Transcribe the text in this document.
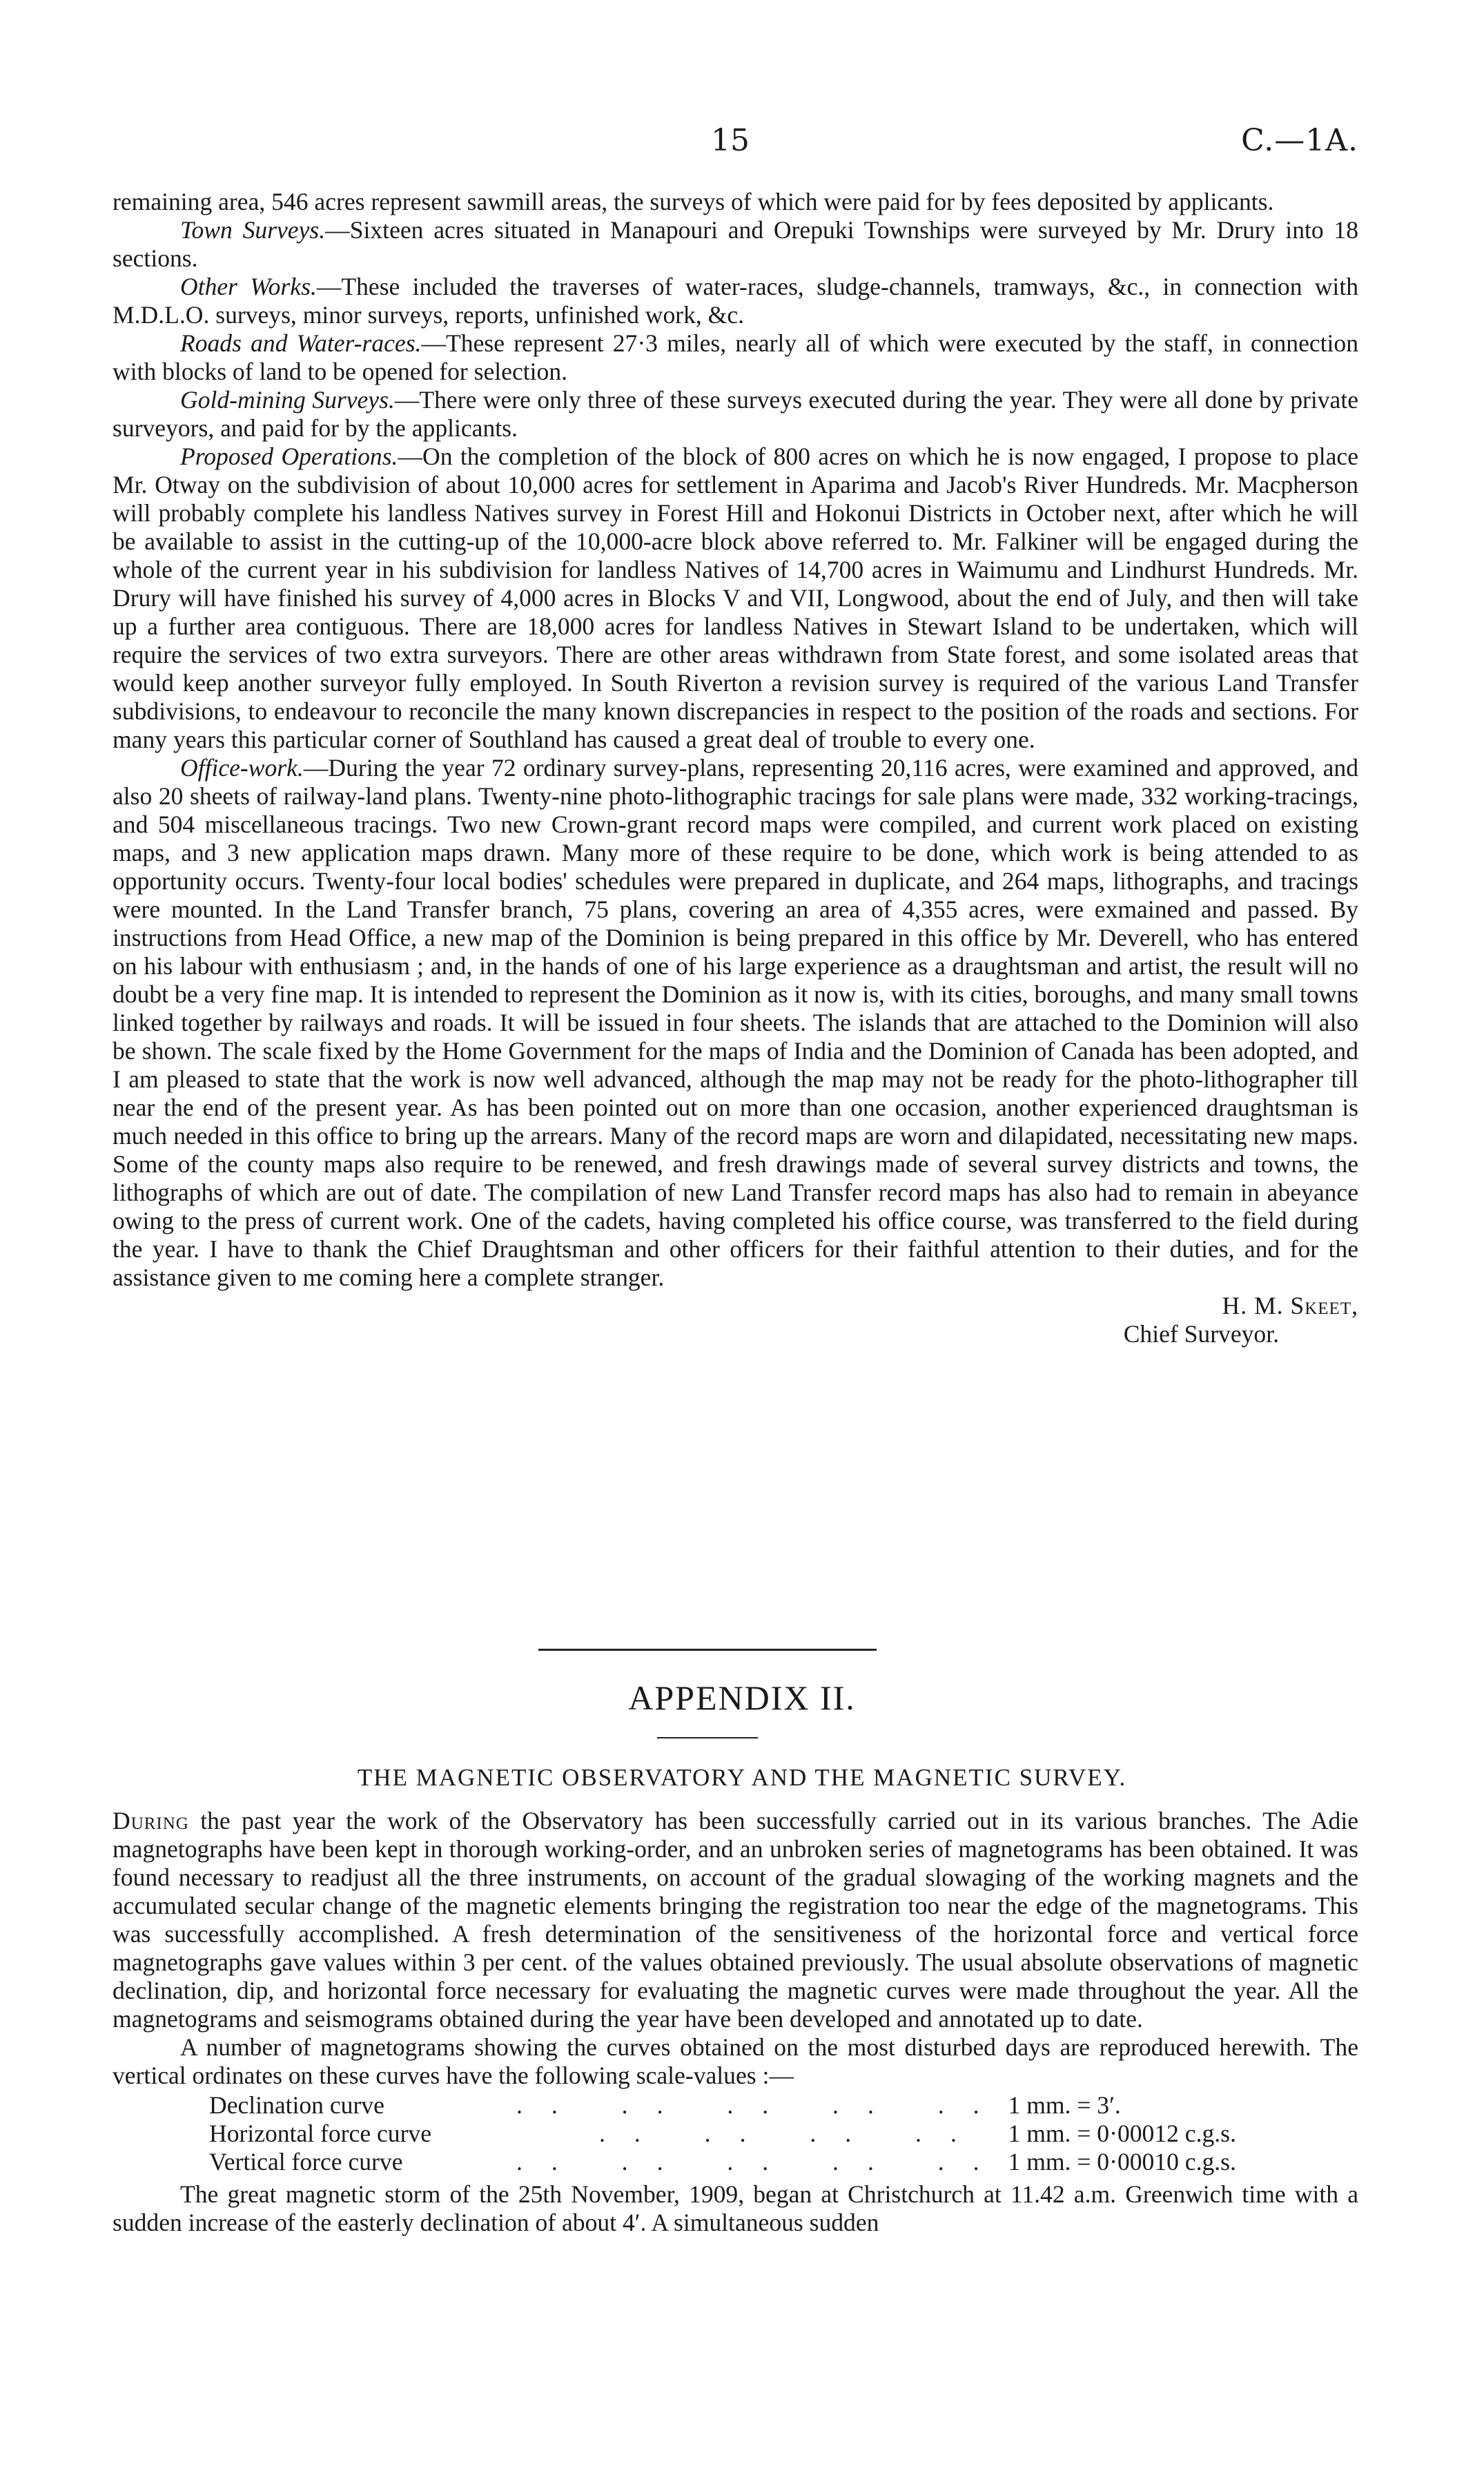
15	C.—1A.

remaining area, 546 acres represent sawmill areas, the surveys of which were paid for by fees deposited by applicants.

Town Surveys.—Sixteen acres situated in Manapouri and Orepuki Townships were surveyed by Mr. Drury into 18 sections.

Other Works.—These included the traverses of water-races, sludge-channels, tramways, &c., in connection with M.D.L.O. surveys, minor surveys, reports, unfinished work, &c.

Roads and Water-races.—These represent 27·3 miles, nearly all of which were executed by the staff, in connection with blocks of land to be opened for selection.

Gold-mining Surveys.—There were only three of these surveys executed during the year. They were all done by private surveyors, and paid for by the applicants.

Proposed Operations.—On the completion of the block of 800 acres on which he is now engaged, I propose to place Mr. Otway on the subdivision of about 10,000 acres for settlement in Aparima and Jacob's River Hundreds. Mr. Macpherson will probably complete his landless Natives survey in Forest Hill and Hokonui Districts in October next, after which he will be available to assist in the cutting-up of the 10,000-acre block above referred to. Mr. Falkiner will be engaged during the whole of the current year in his subdivision for landless Natives of 14,700 acres in Waimumu and Lindhurst Hundreds. Mr. Drury will have finished his survey of 4,000 acres in Blocks V and VII, Longwood, about the end of July, and then will take up a further area contiguous. There are 18,000 acres for landless Natives in Stewart Island to be undertaken, which will require the services of two extra surveyors. There are other areas withdrawn from State forest, and some isolated areas that would keep another surveyor fully employed. In South Riverton a revision survey is required of the various Land Transfer subdivisions, to endeavour to reconcile the many known discrepancies in respect to the position of the roads and sections. For many years this particular corner of Southland has caused a great deal of trouble to every one.

Office-work.—During the year 72 ordinary survey-plans, representing 20,116 acres, were examined and approved, and also 20 sheets of railway-land plans. Twenty-nine photo-lithographic tracings for sale plans were made, 332 working-tracings, and 504 miscellaneous tracings. Two new Crown-grant record maps were compiled, and current work placed on existing maps, and 3 new application maps drawn. Many more of these require to be done, which work is being attended to as opportunity occurs. Twenty-four local bodies' schedules were prepared in duplicate, and 264 maps, lithographs, and tracings were mounted. In the Land Transfer branch, 75 plans, covering an area of 4,355 acres, were exmained and passed. By instructions from Head Office, a new map of the Dominion is being prepared in this office by Mr. Deverell, who has entered on his labour with enthusiasm ; and, in the hands of one of his large experience as a draughtsman and artist, the result will no doubt be a very fine map. It is intended to represent the Dominion as it now is, with its cities, boroughs, and many small towns linked together by railways and roads. It will be issued in four sheets. The islands that are attached to the Dominion will also be shown. The scale fixed by the Home Government for the maps of India and the Dominion of Canada has been adopted, and I am pleased to state that the work is now well advanced, although the map may not be ready for the photo-lithographer till near the end of the present year. As has been pointed out on more than one occasion, another experienced draughtsman is much needed in this office to bring up the arrears. Many of the record maps are worn and dilapidated, necessitating new maps. Some of the county maps also require to be renewed, and fresh drawings made of several survey districts and towns, the lithographs of which are out of date. The compilation of new Land Transfer record maps has also had to remain in abeyance owing to the press of current work. One of the cadets, having completed his office course, was transferred to the field during the year. I have to thank the Chief Draughtsman and other officers for their faithful attention to their duties, and for the assistance given to me coming here a complete stranger.

H. M. Skeet,

Chief Surveyor.

APPENDIX II.
THE MAGNETIC OBSERVATORY AND THE MAGNETIC SURVEY.

During the past year the work of the Observatory has been successfully carried out in its various branches. The Adie magnetographs have been kept in thorough working-order, and an unbroken series of magnetograms has been obtained. It was found necessary to readjust all the three instruments, on account of the gradual slowaging of the working magnets and the accumulated secular change of the magnetic elements bringing the registration too near the edge of the magnetograms. This was successfully accomplished. A fresh determination of the sensitiveness of the horizontal force and vertical force magnetographs gave values within 3 per cent. of the values obtained previously. The usual absolute observations of magnetic declination, dip, and horizontal force necessary for evaluating the magnetic curves were made throughout the year. All the magnetograms and seismograms obtained during the year have been developed and annotated up to date.

A number of magnetograms showing the curves obtained on the most disturbed days are reproduced herewith. The vertical ordinates on these curves have the following scale-values :—

Declination curve	.. .. .. .. ..	1 mm. = 3′.
Horizontal force curve	.. .. .. ..	1 mm. = 0·00012 c.g.s.
Vertical force curve	.. .. .. .. ..	1 mm. = 0·00010 c.g.s.

The great magnetic storm of the 25th November, 1909, began at Christchurch at 11.42 a.m. Greenwich time with a sudden increase of the easterly declination of about 4′. A simultaneous sudden
